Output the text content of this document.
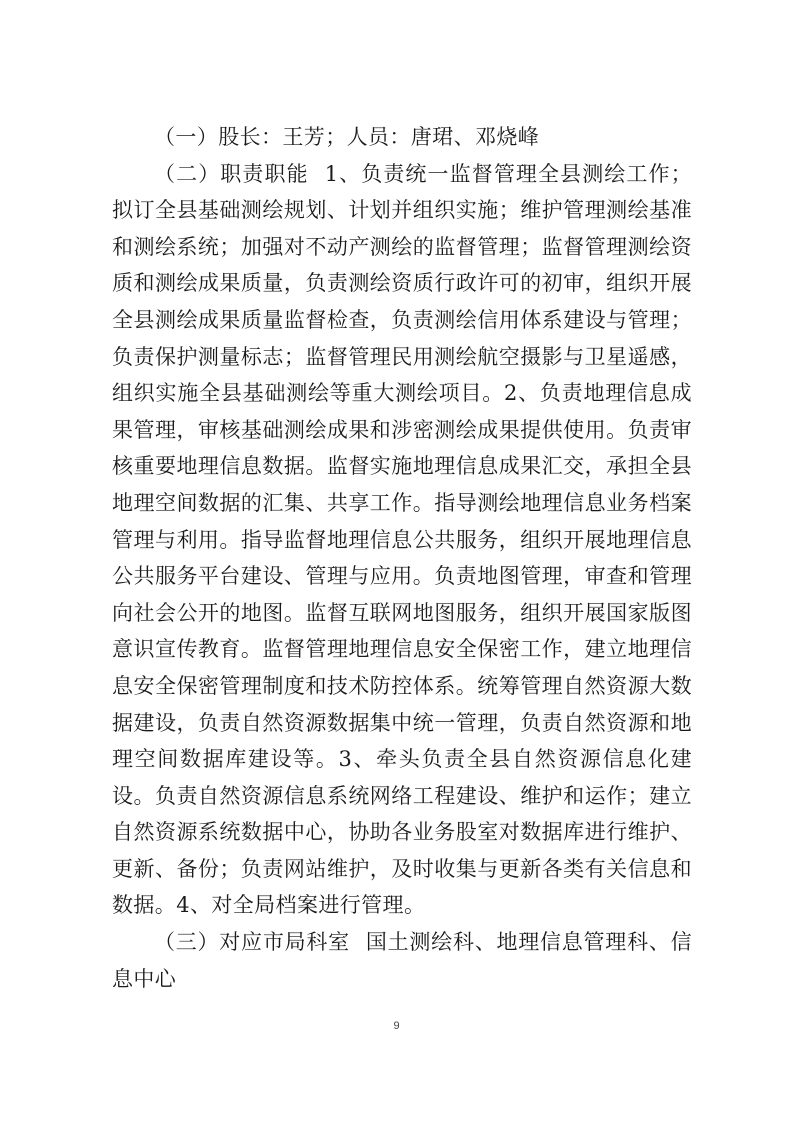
（一）股长：王芳；人员：唐珺、邓烧峰

（二）职责职能 1、负责统一监督管理全县测绘工作；拟订全县基础测绘规划、计划并组织实施；维护管理测绘基准和测绘系统；加强对不动产测绘的监督管理；监督管理测绘资质和测绘成果质量，负责测绘资质行政许可的初审，组织开展全县测绘成果质量监督检查，负责测绘信用体系建设与管理；负责保护测量标志；监督管理民用测绘航空摄影与卫星遥感，组织实施全县基础测绘等重大测绘项目。2、负责地理信息成果管理，审核基础测绘成果和涉密测绘成果提供使用。负责审核重要地理信息数据。监督实施地理信息成果汇交，承担全县地理空间数据的汇集、共享工作。指导测绘地理信息业务档案管理与利用。指导监督地理信息公共服务，组织开展地理信息公共服务平台建设、管理与应用。负责地图管理，审查和管理向社会公开的地图。监督互联网地图服务，组织开展国家版图意识宣传教育。监督管理地理信息安全保密工作，建立地理信息安全保密管理制度和技术防控体系。统筹管理自然资源大数据建设，负责自然资源数据集中统一管理，负责自然资源和地理空间数据库建设等。3、牵头负责全县自然资源信息化建设。负责自然资源信息系统网络工程建设、维护和运作；建立自然资源系统数据中心，协助各业务股室对数据库进行维护、更新、备份；负责网站维护，及时收集与更新各类有关信息和数据。4、对全局档案进行管理。

（三）对应市局科室 国土测绘科、地理信息管理科、信息中心

9
